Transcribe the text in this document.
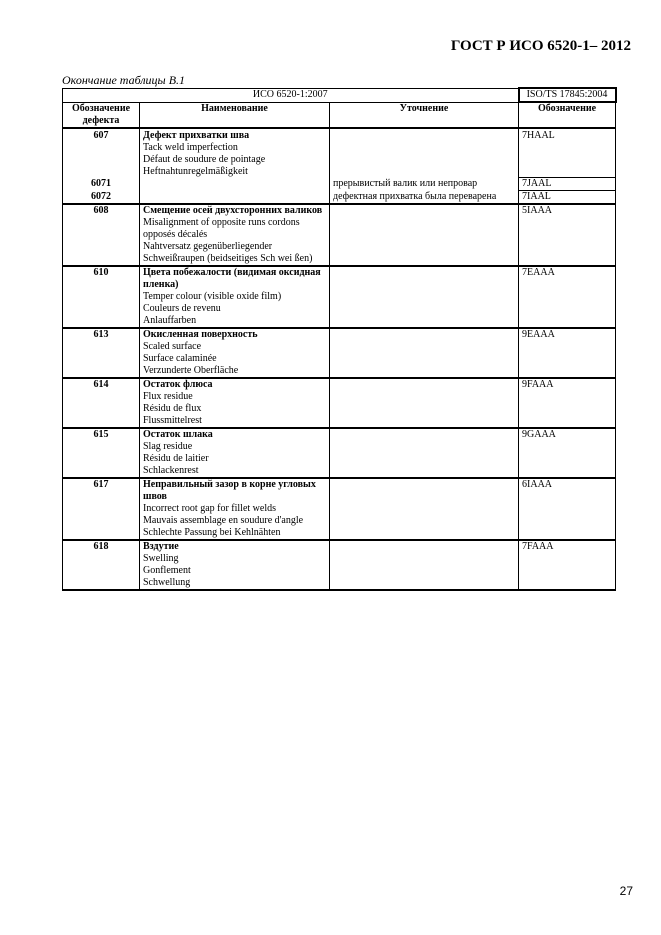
ГОСТ Р ИСО 6520-1– 2012
Окончание таблицы В.1
ИСО 6520-1:2007			ISO/TS 17845:2004
Обозначение дефекта	Наименование	Уточнение	Обозначение
607	Дефект прихватки шва
Tack weld imperfection
Défaut de soudure de pointage
Heftnahtunregelmäßigkeit		7HAAL
6071		прерывистый валик или непровар	7JAAL
6072		дефектная прихватка была переварена	7IAAL
608	Смещение осей двухсторонних валиков
Misalignment of opposite runs cordons opposés décalés
Nahtversatz gegenüberliegender
Schweißraupen (beidseitiges Sch wei ßen)		5IAAA
610	Цвета побежалости (видимая оксидная пленка)
Temper colour (visible oxide film)
Couleurs de revenu
Anlauffarben		7EAAA
613	Окисленная поверхность
Scaled surface
Surface calaminée
Verzunderte Oberfläche		9EAAA
614	Остаток флюса
Flux residue
Résidu de flux
Flussmittelrest		9FAAA
615	Остаток шлака
Slag residue
Résidu de laitier
Schlackenrest		9GAAA
617	Неправильный зазор в корне угловых швов
Incorrect root gap for fillet welds
Mauvais assemblage en soudure d'angle
Schlechte Passung bei Kehlnähten		6IAAA
618	Вздутие
Swelling
Gonflement
Schwellung		7FAAA
27
